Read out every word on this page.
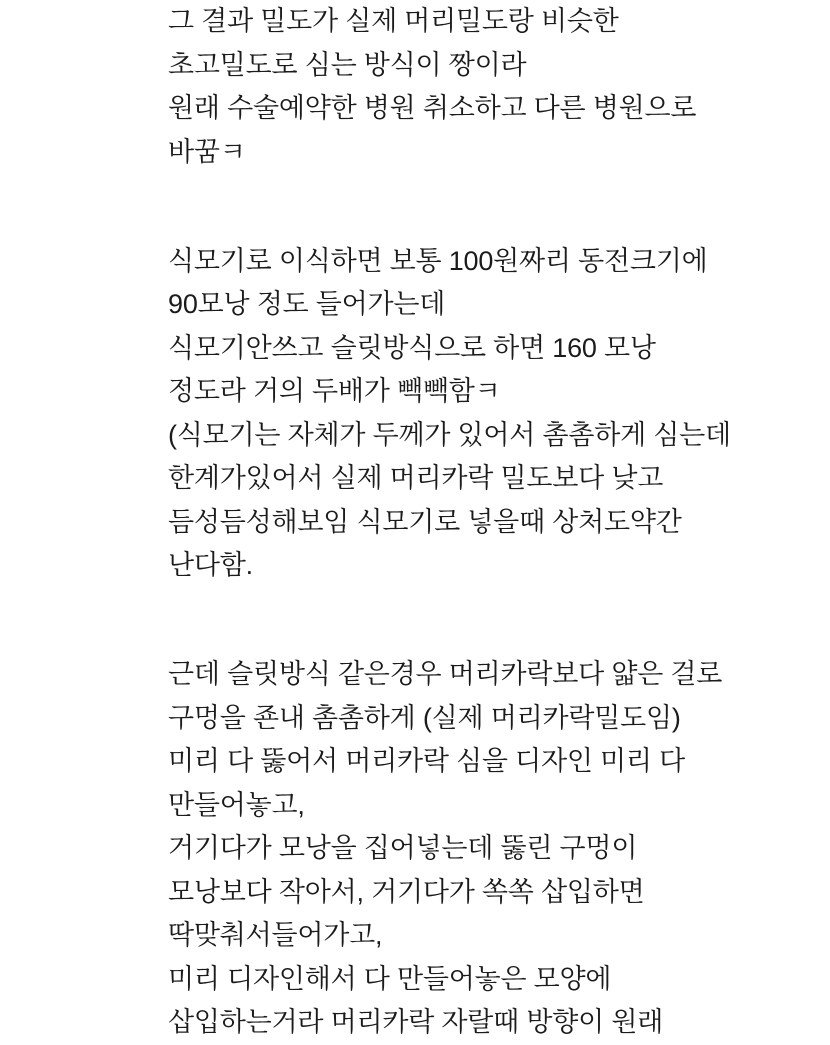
그 결과 밀도가 실제 머리밀도랑 비슷한
초고밀도로 심는 방식이 짱이라
원래 수술예약한 병원 취소하고 다른 병원으로
바꿈ㅋ
식모기로 이식하면 보통 100원짜리 동전크기에
90모낭 정도 들어가는데
식모기안쓰고 슬릿방식으로 하면 160 모낭
정도라 거의 두배가 빽빽함ㅋ
(식모기는 자체가 두께가 있어서 촘촘하게 심는데
한계가있어서 실제 머리카락 밀도보다 낮고
듬성듬성해보임 식모기로 넣을때 상처도약간
난다함.
근데 슬릿방식 같은경우 머리카락보다 얇은 걸로
구멍을 죤내 촘촘하게 (실제 머리카락밀도임)
미리 다 뚫어서 머리카락 심을 디자인 미리 다
만들어놓고,
거기다가 모낭을 집어넣는데 뚫린 구멍이
모낭보다 작아서, 거기다가 쏙쏙 삽입하면
딱맞춰서들어가고,
미리 디자인해서 다 만들어놓은 모양에
삽입하는거라 머리카락 자랄때 방향이 원래
